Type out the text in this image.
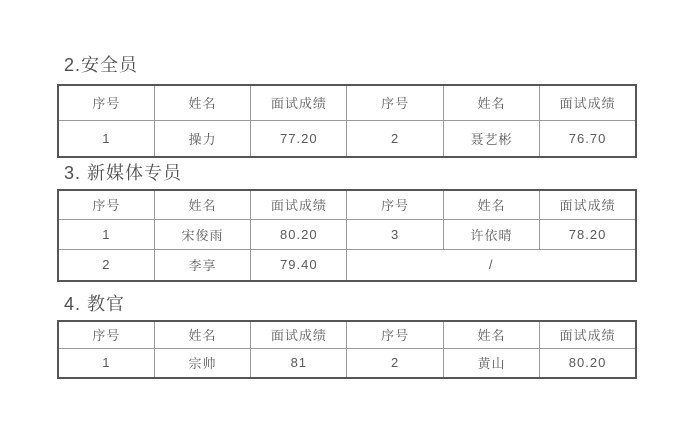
2.安全员
序号	姓名	面试成绩	序号	姓名	面试成绩
1	操力	77.20	2	聂艺彬	76.70
3. 新媒体专员
序号	姓名	面试成绩	序号	姓名	面试成绩
1	宋俊雨	80.20	3	许依晴	78.20
2	李享	79.40	/		
4. 教官
序号	姓名	面试成绩	序号	姓名	面试成绩
1	宗帅	81	2	黄山	80.20
